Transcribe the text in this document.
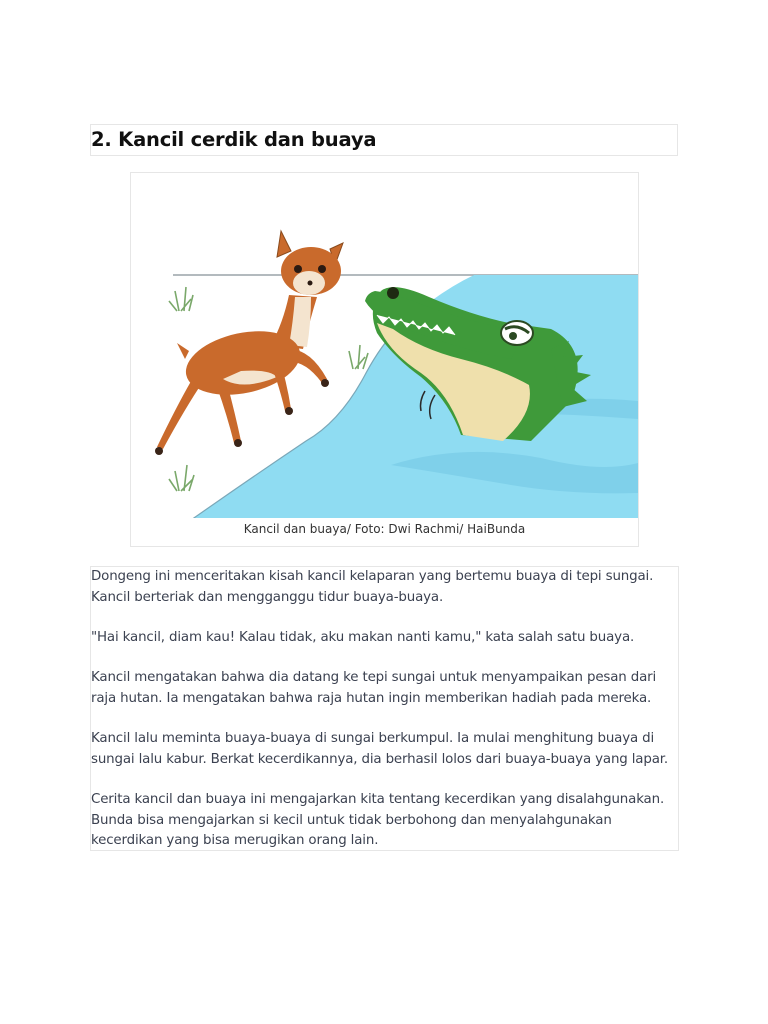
2. Kancil cerdik dan buaya
Kancil dan buaya/ Foto: Dwi Rachmi/ HaiBunda

Dongeng ini menceritakan kisah kancil kelaparan yang bertemu buaya di tepi sungai.
Kancil berteriak dan mengganggu tidur buaya-buaya.

"Hai kancil, diam kau! Kalau tidak, aku makan nanti kamu," kata salah satu buaya.

Kancil mengatakan bahwa dia datang ke tepi sungai untuk menyampaikan pesan dari
raja hutan. Ia mengatakan bahwa raja hutan ingin memberikan hadiah pada mereka.

Kancil lalu meminta buaya-buaya di sungai berkumpul. Ia mulai menghitung buaya di
sungai lalu kabur. Berkat kecerdikannya, dia berhasil lolos dari buaya-buaya yang lapar.

Cerita kancil dan buaya ini mengajarkan kita tentang kecerdikan yang disalahgunakan.
Bunda bisa mengajarkan si kecil untuk tidak berbohong dan menyalahgunakan
kecerdikan yang bisa merugikan orang lain.
